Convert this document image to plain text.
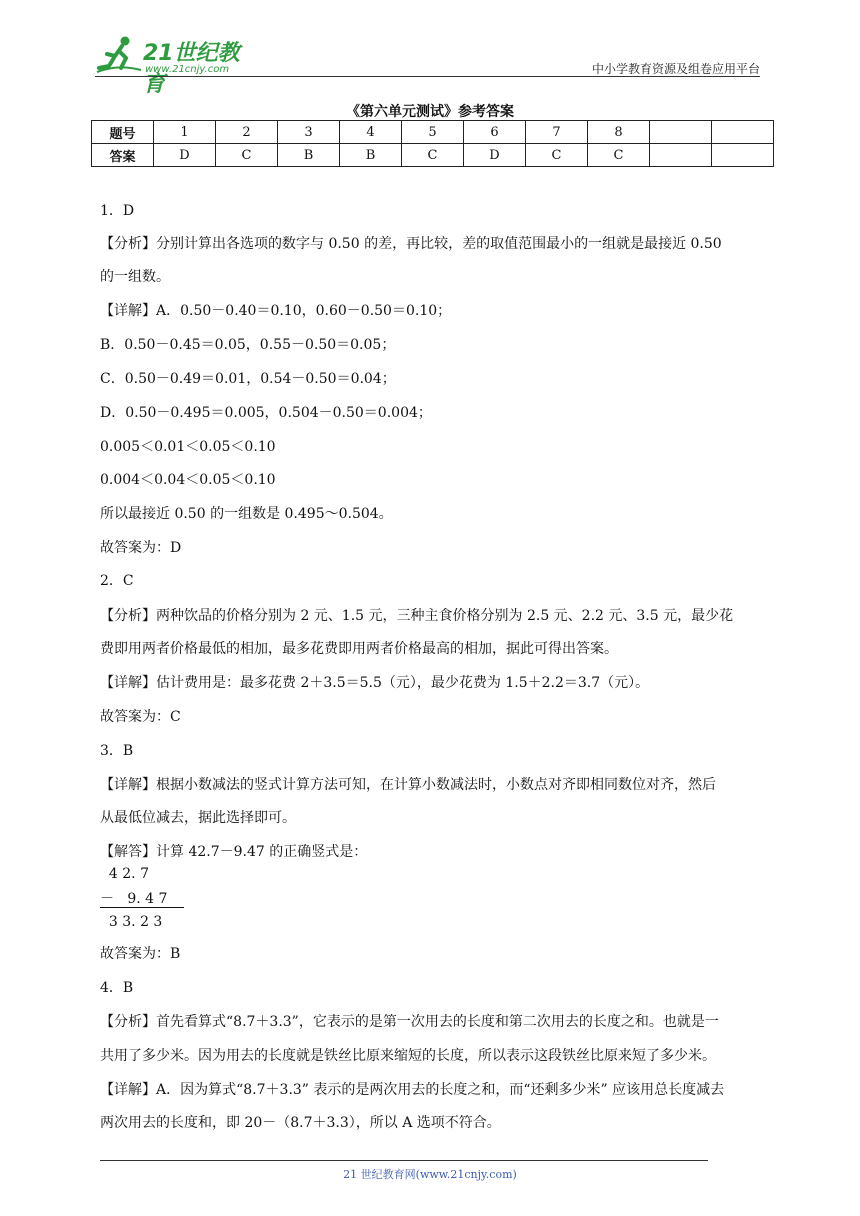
21世纪教育
www.21cnjy.com	中小学教育资源及组卷应用平台
《第六单元测试》参考答案
题号	1	2	3	4	5	6	7	8		
答案	D	C	B	B	C	D	C	C		
1．D
【分析】分别计算出各选项的数字与 0.50 的差，再比较，差的取值范围最小的一组就是最接近 0.50
的一组数。
【详解】A．0.50－0.40＝0.10，0.60－0.50＝0.10；
B．0.50－0.45＝0.05，0.55－0.50＝0.05；
C．0.50－0.49＝0.01，0.54－0.50＝0.04；
D．0.50－0.495＝0.005，0.504－0.50＝0.004；
0.005＜0.01＜0.05＜0.10
0.004＜0.04＜0.05＜0.10
所以最接近 0.50 的一组数是 0.495～0.504。
故答案为：D
2．C
【分析】两种饮品的价格分别为 2 元、1.5 元，三种主食价格分别为 2.5 元、2.2 元、3.5 元，最少花
费即用两者价格最低的相加，最多花费即用两者价格最高的相加，据此可得出答案。
【详解】估计费用是：最多花费 2＋3.5＝5.5（元），最少花费为 1.5＋2.2＝3.7（元）。
故答案为：C
3．B
【详解】根据小数减法的竖式计算方法可知，在计算小数减法时，小数点对齐即相同数位对齐，然后
从最低位减去，据此选择即可。
【解答】计算 42.7－9.47 的正确竖式是：
4 2. 7
－   9. 4 7
3 3. 2 3
故答案为：B
4．B
【分析】首先看算式“8.7＋3.3”，它表示的是第一次用去的长度和第二次用去的长度之和。也就是一
共用了多少米。因为用去的长度就是铁丝比原来缩短的长度，所以表示这段铁丝比原来短了多少米。
【详解】A．因为算式“8.7＋3.3” 表示的是两次用去的长度之和，而“还剩多少米” 应该用总长度减去
两次用去的长度和，即 20－（8.7＋3.3），所以 A 选项不符合。
21 世纪教育网(www.21cnjy.com)
